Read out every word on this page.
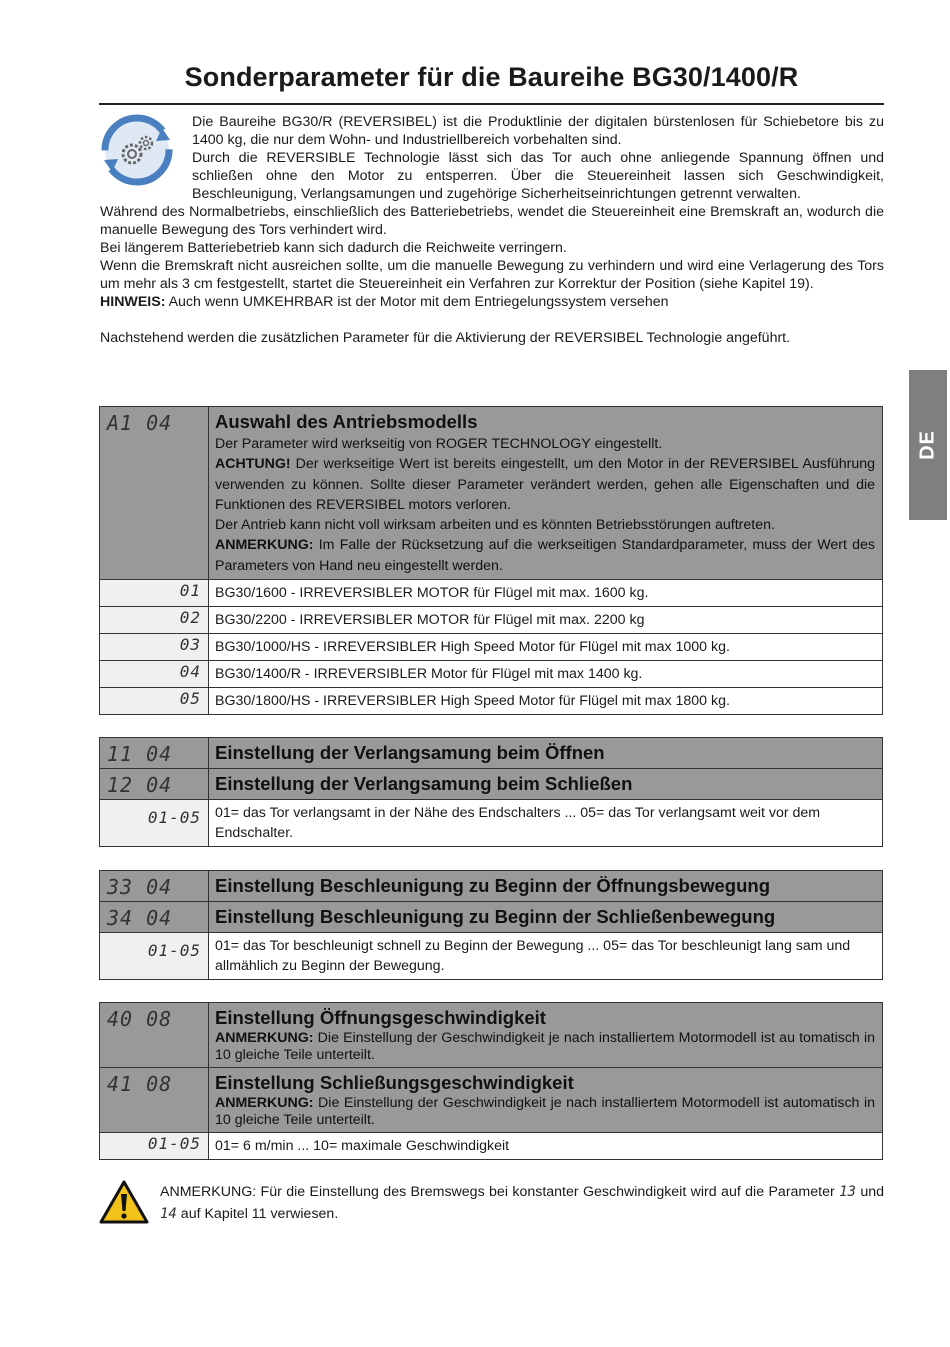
Sonderparameter für die Baureihe BG30/1400/R

Die Baureihe BG30/R (REVERSIBEL) ist die Produktlinie der digitalen bürstenlosen für Schiebetore bis zu 1400 kg, die nur dem Wohn- und Industriellbereich vorbehalten sind.

Durch die REVERSIBLE Technologie lässt sich das Tor auch ohne anliegende Spannung öffnen und schließen ohne den Motor zu entsperren. Über die Steuereinheit lassen sich Geschwindigkeit, Beschleunigung, Verlangsamungen und zugehörige Sicherheitseinrichtungen getrennt verwalten.

Während des Normalbetriebs, einschließlich des Batteriebetriebs, wendet die Steuereinheit eine Bremskraft an, wodurch die manuelle Bewegung des Tors verhindert wird.

Bei längerem Batteriebetrieb kann sich dadurch die Reichweite verringern.

Wenn die Bremskraft nicht ausreichen sollte, um die manuelle Bewegung zu verhindern und wird eine Verlagerung des Tors um mehr als 3 cm festgestellt, startet die Steuereinheit ein Verfahren zur Korrektur der Position (siehe Kapitel 19).

HINWEIS: Auch wenn UMKEHRBAR ist der Motor mit dem Entriegelungssystem versehen

Nachstehend werden die zusätzlichen Parameter für die Aktivierung der REVERSIBEL Technologie angeführt.

DE
A1 04	Auswahl des Antriebsmodells
Der Parameter wird werkseitig von ROGER TECHNOLOGY eingestellt.
ACHTUNG! Der werkseitige Wert ist bereits eingestellt, um den Motor in der REVERSIBEL Ausführung verwenden zu können. Sollte dieser Parameter verändert werden, gehen alle Eigenschaften und die Funktionen des REVERSIBEL motors verloren.
Der Antrieb kann nicht voll wirksam arbeiten und es könnten Betriebsstörungen auftreten.
ANMERKUNG: Im Falle der Rücksetzung auf die werkseitigen Standardparameter, muss der Wert des Parameters von Hand neu eingestellt werden.

01	BG30/1600 - IRREVERSIBLER MOTOR für Flügel mit max. 1600 kg.
02	BG30/2200 - IRREVERSIBLER MOTOR für Flügel mit max. 2200 kg
03	BG30/1000/HS - IRREVERSIBLER High Speed Motor für Flügel mit max 1000 kg.
04	BG30/1400/R - IRREVERSIBLER Motor für Flügel mit max 1400 kg.
05	BG30/1800/HS - IRREVERSIBLER High Speed Motor für Flügel mit max 1800 kg.
11 04	Einstellung der Verlangsamung beim Öffnen

12 04	Einstellung der Verlangsamung beim Schließen

01-05	01= das Tor verlangsamt in der Nähe des Endschalters ... 05= das Tor verlangsamt weit vor dem Endschalter.
33 04	Einstellung Beschleunigung zu Beginn der Öffnungsbewegung

34 04	Einstellung Beschleunigung zu Beginn der Schließenbewegung

01-05	01= das Tor beschleunigt schnell zu Beginn der Bewegung ... 05= das Tor beschleunigt lang sam und allmählich zu Beginn der Bewegung.
40 08	Einstellung Öffnungsgeschwindigkeit
ANMERKUNG: Die Einstellung der Geschwindigkeit je nach installiertem Motormodell ist au tomatisch in 10 gleiche Teile unterteilt.

41 08	Einstellung Schließungsgeschwindigkeit
ANMERKUNG: Die Einstellung der Geschwindigkeit je nach installiertem Motormodell ist automatisch in 10 gleiche Teile unterteilt.

01-05	01= 6 m/min ... 10= maximale Geschwindigkeit
ANMERKUNG: Für die Einstellung des Bremswegs bei konstanter Geschwindigkeit wird auf die Parameter 13 und 14 auf Kapitel 11 verwiesen.
